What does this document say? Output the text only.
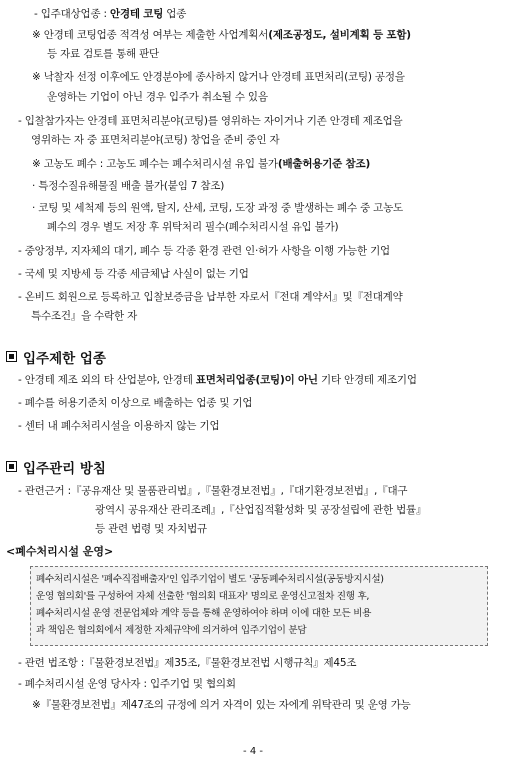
- 입주대상업종 : 안경테 코팅 업종
※ 안경테 코팅업종 적격성 여부는 제출한 사업계획서(제조공정도, 설비계획 등 포함)
등 자료 검토를 통해 판단
※ 낙찰자 선정 이후에도 안경분야에 종사하지 않거나 안경테 표면처리(코팅) 공정을
운영하는 기업이 아닌 경우 입주가 취소될 수 있음
- 입찰참가자는 안경테 표면처리분야(코팅)를 영위하는 자이거나 기존 안경테 제조업을
영위하는 자 중 표면처리분야(코팅) 창업을 준비 중인 자
※ 고농도 폐수 : 고농도 폐수는 폐수처리시설 유입 불가(배출허용기준 참조)
· 특정수질유해물질 배출 불가(붙임 7 참조)
· 코팅 및 세척제 등의 원액, 탈지, 산세, 코팅, 도장 과정 중 발생하는 폐수 중 고농도
폐수의 경우 별도 저장 후 위탁처리 필수(폐수처리시설 유입 불가)
- 중앙정부, 지자체의 대기, 폐수 등 각종 환경 관련 인·허가 사항을 이행 가능한 기업
- 국세 및 지방세 등 각종 세금체납 사실이 없는 기업
- 온비드 회원으로 등록하고 입찰보증금을 납부한 자로서『전대 계약서』및『전대계약
특수조건』을 수락한 자
입주제한 업종
- 안경테 제조 외의 타 산업분야, 안경테 표면처리업종(코팅)이 아닌 기타 안경테 제조기업
- 폐수를 허용기준치 이상으로 배출하는 업종 및 기업
- 센터 내 폐수처리시설을 이용하지 않는 기업
입주관리 방침
- 관련근거 :『공유재산 및 물품관리법』,『물환경보전법』,『대기환경보전법』,『대구
광역시 공유재산 관리조례』,『산업집적활성화 및 공장설립에 관한 법률』
등 관련 법령 및 자치법규
<폐수처리시설 운영>
폐수처리시설은 '폐수직접배출자'인 입주기업이 별도 '공동폐수처리시설(공동방지시설)
운영 협의회'를 구성하여 자체 선출한 '협의회 대표자' 명의로 운영신고절차 진행 후,
폐수처리시설 운영 전문업체와 계약 등을 통해 운영하여야 하며 이에 대한 모든 비용
과 책임은 협의회에서 제정한 자체규약에 의거하여 입주기업이 분담
- 관련 법조항 :『물환경보전법』제35조,『물환경보전법 시행규칙』제45조
- 폐수처리시설 운영 당사자 : 입주기업 및 협의회
※『물환경보전법』제47조의 규정에 의거 자격이 있는 자에게 위탁관리 및 운영 가능
- 4 -
